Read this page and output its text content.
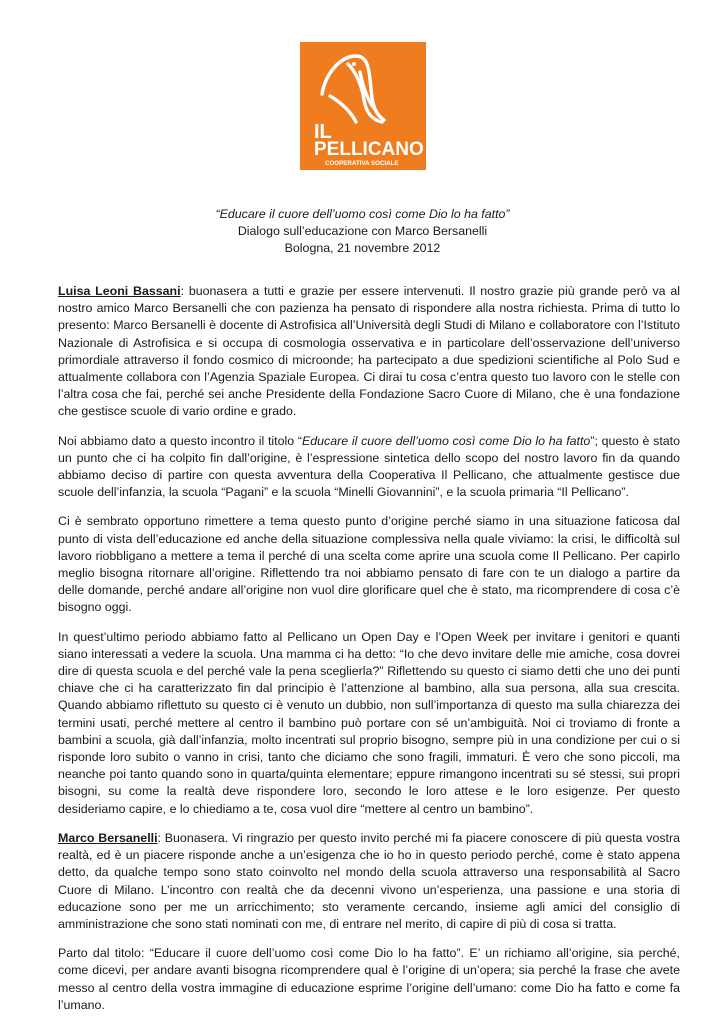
IL
PELLICANO
COOPERATIVA SOCIALE
“Educare il cuore dell’uomo così come Dio lo ha fatto”
Dialogo sull’educazione con Marco Bersanelli
Bologna, 21 novembre 2012

Luisa Leoni Bassani: buonasera a tutti e grazie per essere intervenuti. Il nostro grazie più grande però va al nostro amico Marco Bersanelli che con pazienza ha pensato di rispondere alla nostra richiesta. Prima di tutto lo presento: Marco Bersanelli è docente di Astrofisica all’Università degli Studi di Milano e collaboratore con l’Istituto Nazionale di Astrofisica e si occupa di cosmologia osservativa e in particolare dell’osservazione dell’universo primordiale attraverso il fondo cosmico di microonde; ha partecipato a due spedizioni scientifiche al Polo Sud e attualmente collabora con l’Agenzia Spaziale Europea. Ci dirai tu cosa c’entra questo tuo lavoro con le stelle con l’altra cosa che fai, perché sei anche Presidente della Fondazione Sacro Cuore di Milano, che è una fondazione che gestisce scuole di vario ordine e grado.

Noi abbiamo dato a questo incontro il titolo “Educare il cuore dell’uomo così come Dio lo ha fatto”; questo è stato un punto che ci ha colpito fin dall’origine, è l’espressione sintetica dello scopo del nostro lavoro fin da quando abbiamo deciso di partire con questa avventura della Cooperativa Il Pellicano, che attualmente gestisce due scuole dell’infanzia, la scuola “Pagani” e la scuola “Minelli Giovannini”, e la scuola primaria “Il Pellicano”.

Ci è sembrato opportuno rimettere a tema questo punto d’origine perché siamo in una situazione faticosa dal punto di vista dell’educazione ed anche della situazione complessiva nella quale viviamo: la crisi, le difficoltà sul lavoro riobbligano a mettere a tema il perché di una scelta come aprire una scuola come Il Pellicano. Per capirlo meglio bisogna ritornare all’origine. Riflettendo tra noi abbiamo pensato di fare con te un dialogo a partire da delle domande, perché andare all’origine non vuol dire glorificare quel che è stato, ma ricomprendere di cosa c’è bisogno oggi.

In quest’ultimo periodo abbiamo fatto al Pellicano un Open Day e l’Open Week per invitare i genitori e quanti siano interessati a vedere la scuola. Una mamma ci ha detto: “Io che devo invitare delle mie amiche, cosa dovrei dire di questa scuola e del perché vale la pena sceglierla?” Riflettendo su questo ci siamo detti che uno dei punti chiave che ci ha caratterizzato fin dal principio è l’attenzione al bambino, alla sua persona, alla sua crescita. Quando abbiamo riflettuto su questo ci è venuto un dubbio, non sull’importanza di questo ma sulla chiarezza dei termini usati, perché mettere al centro il bambino può portare con sé un’ambiguità. Noi ci troviamo di fronte a bambini a scuola, già dall’infanzia, molto incentrati sul proprio bisogno, sempre più in una condizione per cui o si risponde loro subito o vanno in crisi, tanto che diciamo che sono fragili, immaturi. È vero che sono piccoli, ma neanche poi tanto quando sono in quarta/quinta elementare; eppure rimangono incentrati su sé stessi, sui propri bisogni, su come la realtà deve rispondere loro, secondo le loro attese e le loro esigenze. Per questo desideriamo capire, e lo chiediamo a te, cosa vuol dire “mettere al centro un bambino”.

Marco Bersanelli: Buonasera. Vi ringrazio per questo invito perché mi fa piacere conoscere di più questa vostra realtà, ed è un piacere risponde anche a un’esigenza che io ho in questo periodo perché, come è stato appena detto, da qualche tempo sono stato coinvolto nel mondo della scuola attraverso una responsabilità al Sacro Cuore di Milano. L’incontro con realtà che da decenni vivono un’esperienza, una passione e una storia di educazione sono per me un arricchimento; sto veramente cercando, insieme agli amici del consiglio di amministrazione che sono stati nominati con me, di entrare nel merito, di capire di più di cosa si tratta.

Parto dal titolo: “Educare il cuore dell’uomo così come Dio lo ha fatto”. E’ un richiamo all’origine, sia perché, come dicevi, per andare avanti bisogna ricomprendere qual è l’origine di un’opera; sia perché la frase che avete messo al centro della vostra immagine di educazione esprime l’origine dell’umano: come Dio ha fatto e come fa l’umano.
